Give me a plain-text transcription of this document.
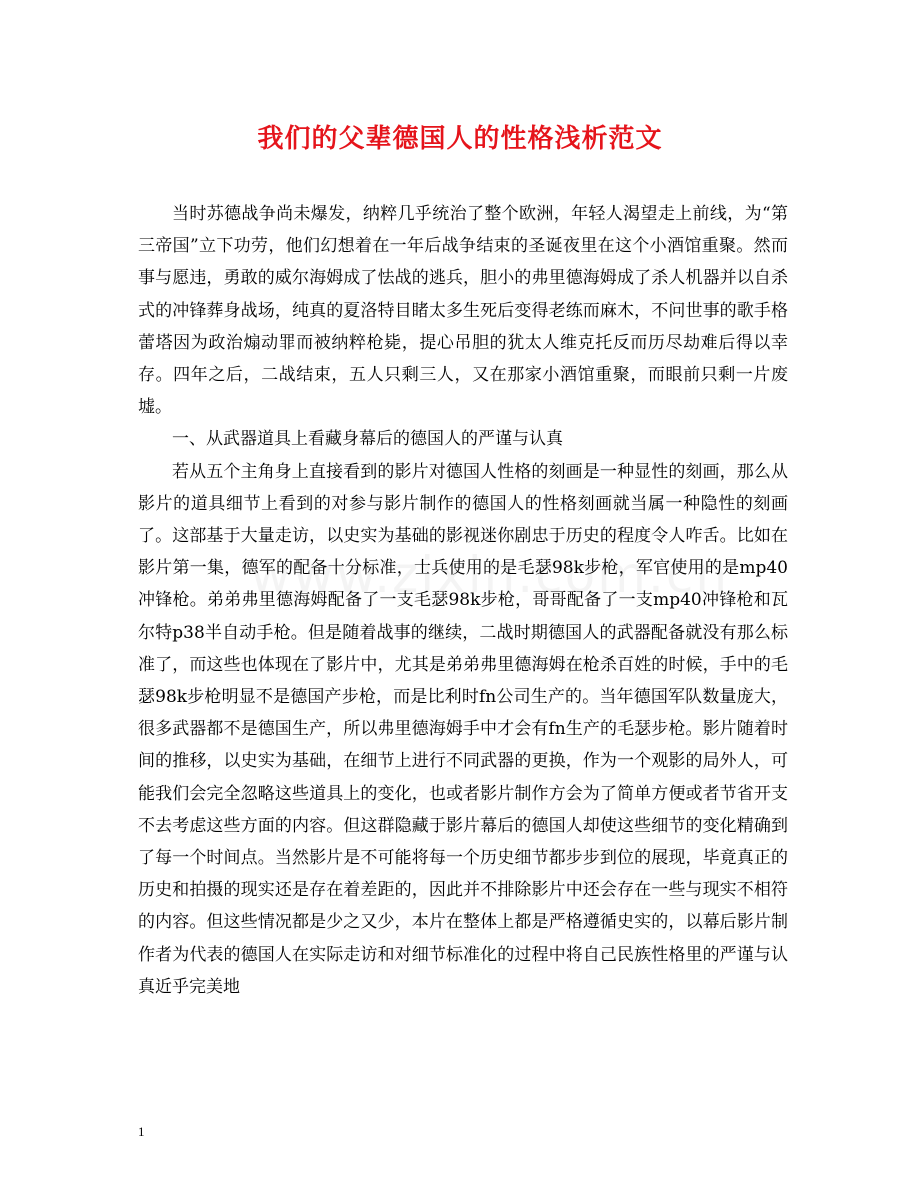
我们的父辈德国人的性格浅析范文

当时苏德战争尚未爆发，纳粹几乎统治了整个欧洲，年轻人渴望走上前线，为“第三帝国”立下功劳，他们幻想着在一年后战争结束的圣诞夜里在这个小酒馆重聚。然而事与愿违，勇敢的威尔海姆成了怯战的逃兵，胆小的弗里德海姆成了杀人机器并以自杀式的冲锋葬身战场，纯真的夏洛特目睹太多生死后变得老练而麻木，不问世事的歌手格蕾塔因为政治煽动罪而被纳粹枪毙，提心吊胆的犹太人维克托反而历尽劫难后得以幸存。四年之后，二战结束，五人只剩三人，又在那家小酒馆重聚，而眼前只剩一片废墟。

一、从武器道具上看藏身幕后的德国人的严谨与认真

若从五个主角身上直接看到的影片对德国人性格的刻画是一种显性的刻画，那么从影片的道具细节上看到的对参与影片制作的德国人的性格刻画就当属一种隐性的刻画了。这部基于大量走访，以史实为基础的影视迷你剧忠于历史的程度令人咋舌。比如在影片第一集，德军的配备十分标准，士兵使用的是毛瑟98k步枪，军官使用的是mp40冲锋枪。弟弟弗里德海姆配备了一支毛瑟98k步枪，哥哥配备了一支mp40冲锋枪和瓦尔特p38半自动手枪。但是随着战事的继续，二战时期德国人的武器配备就没有那么标准了，而这些也体现在了影片中，尤其是弟弟弗里德海姆在枪杀百姓的时候，手中的毛瑟98k步枪明显不是德国产步枪，而是比利时fn公司生产的。当年德国军队数量庞大，很多武器都不是德国生产，所以弗里德海姆手中才会有fn生产的毛瑟步枪。影片随着时间的推移，以史实为基础，在细节上进行不同武器的更换，作为一个观影的局外人，可能我们会完全忽略这些道具上的变化，也或者影片制作方会为了简单方便或者节省开支不去考虑这些方面的内容。但这群隐藏于影片幕后的德国人却使这些细节的变化精确到了每一个时间点。当然影片是不可能将每一个历史细节都步步到位的展现，毕竟真正的历史和拍摄的现实还是存在着差距的，因此并不排除影片中还会存在一些与现实不相符的内容。但这些情况都是少之又少，本片在整体上都是严格遵循史实的，以幕后影片制作者为代表的德国人在实际走访和对细节标准化的过程中将自己民族性格里的严谨与认真近乎完美地

1
